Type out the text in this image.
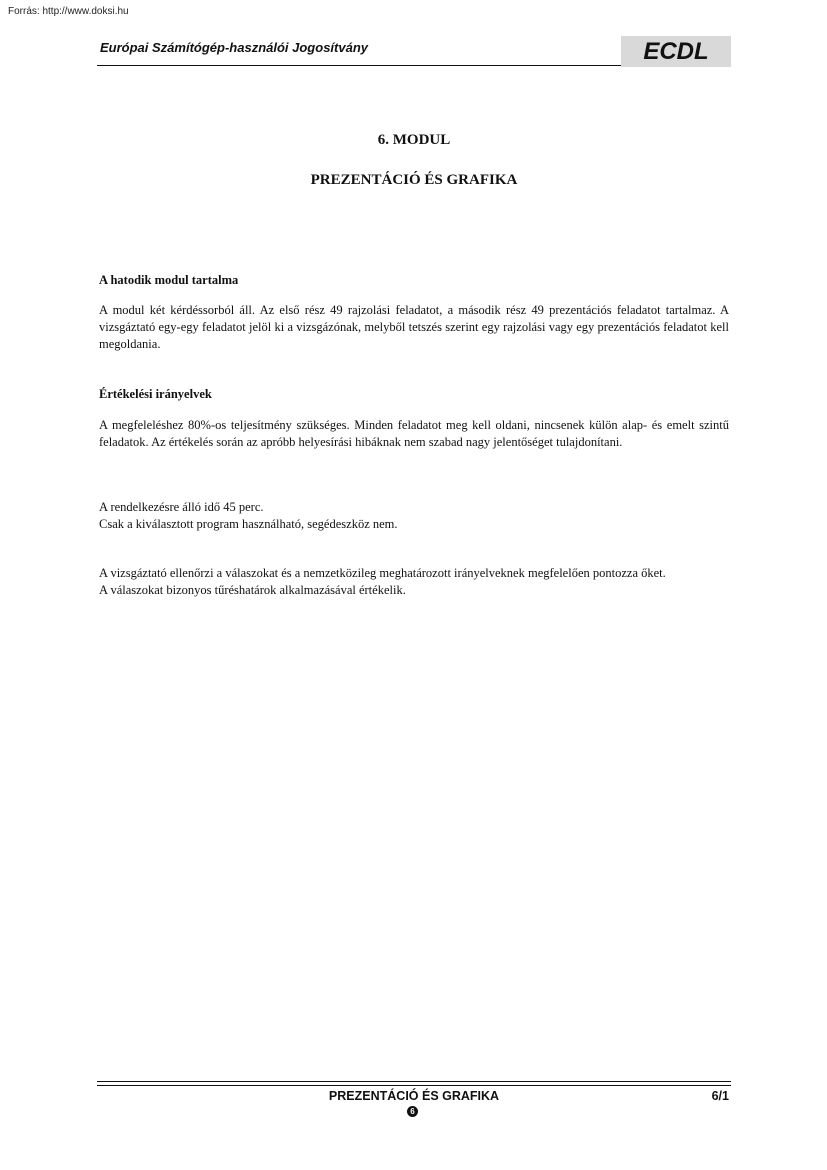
Forrás: http://www.doksi.hu
Európai Számítógép-használói Jogosítvány	ECDL
6. MODUL
PREZENTÁCIÓ ÉS GRAFIKA
A hatodik modul tartalma

A modul két kérdéssorból áll. Az első rész 49 rajzolási feladatot, a második rész 49 prezentációs feladatot tartalmaz. A vizsgáztató egy-egy feladatot jelöl ki a vizsgázónak, melyből tetszés szerint egy rajzolási vagy egy prezentációs feladatot kell megoldania.

Értékelési irányelvek

A megfeleléshez 80%-os teljesítmény szükséges. Minden feladatot meg kell oldani, nincsenek külön alap- és emelt szintű feladatok. Az értékelés során az apróbb helyesírási hibáknak nem szabad nagy jelentőséget tulajdonítani.

A rendelkezésre álló idő 45 perc.
Csak a kiválasztott program használható, segédeszköz nem.

A vizsgáztató ellenőrzi a válaszokat és a nemzetközileg meghatározott irányelveknek megfelelően pontozza őket.
A válaszokat bizonyos tűréshatárok alkalmazásával értékelik.

PREZENTÁCIÓ ÉS GRAFIKA	6/1
6
